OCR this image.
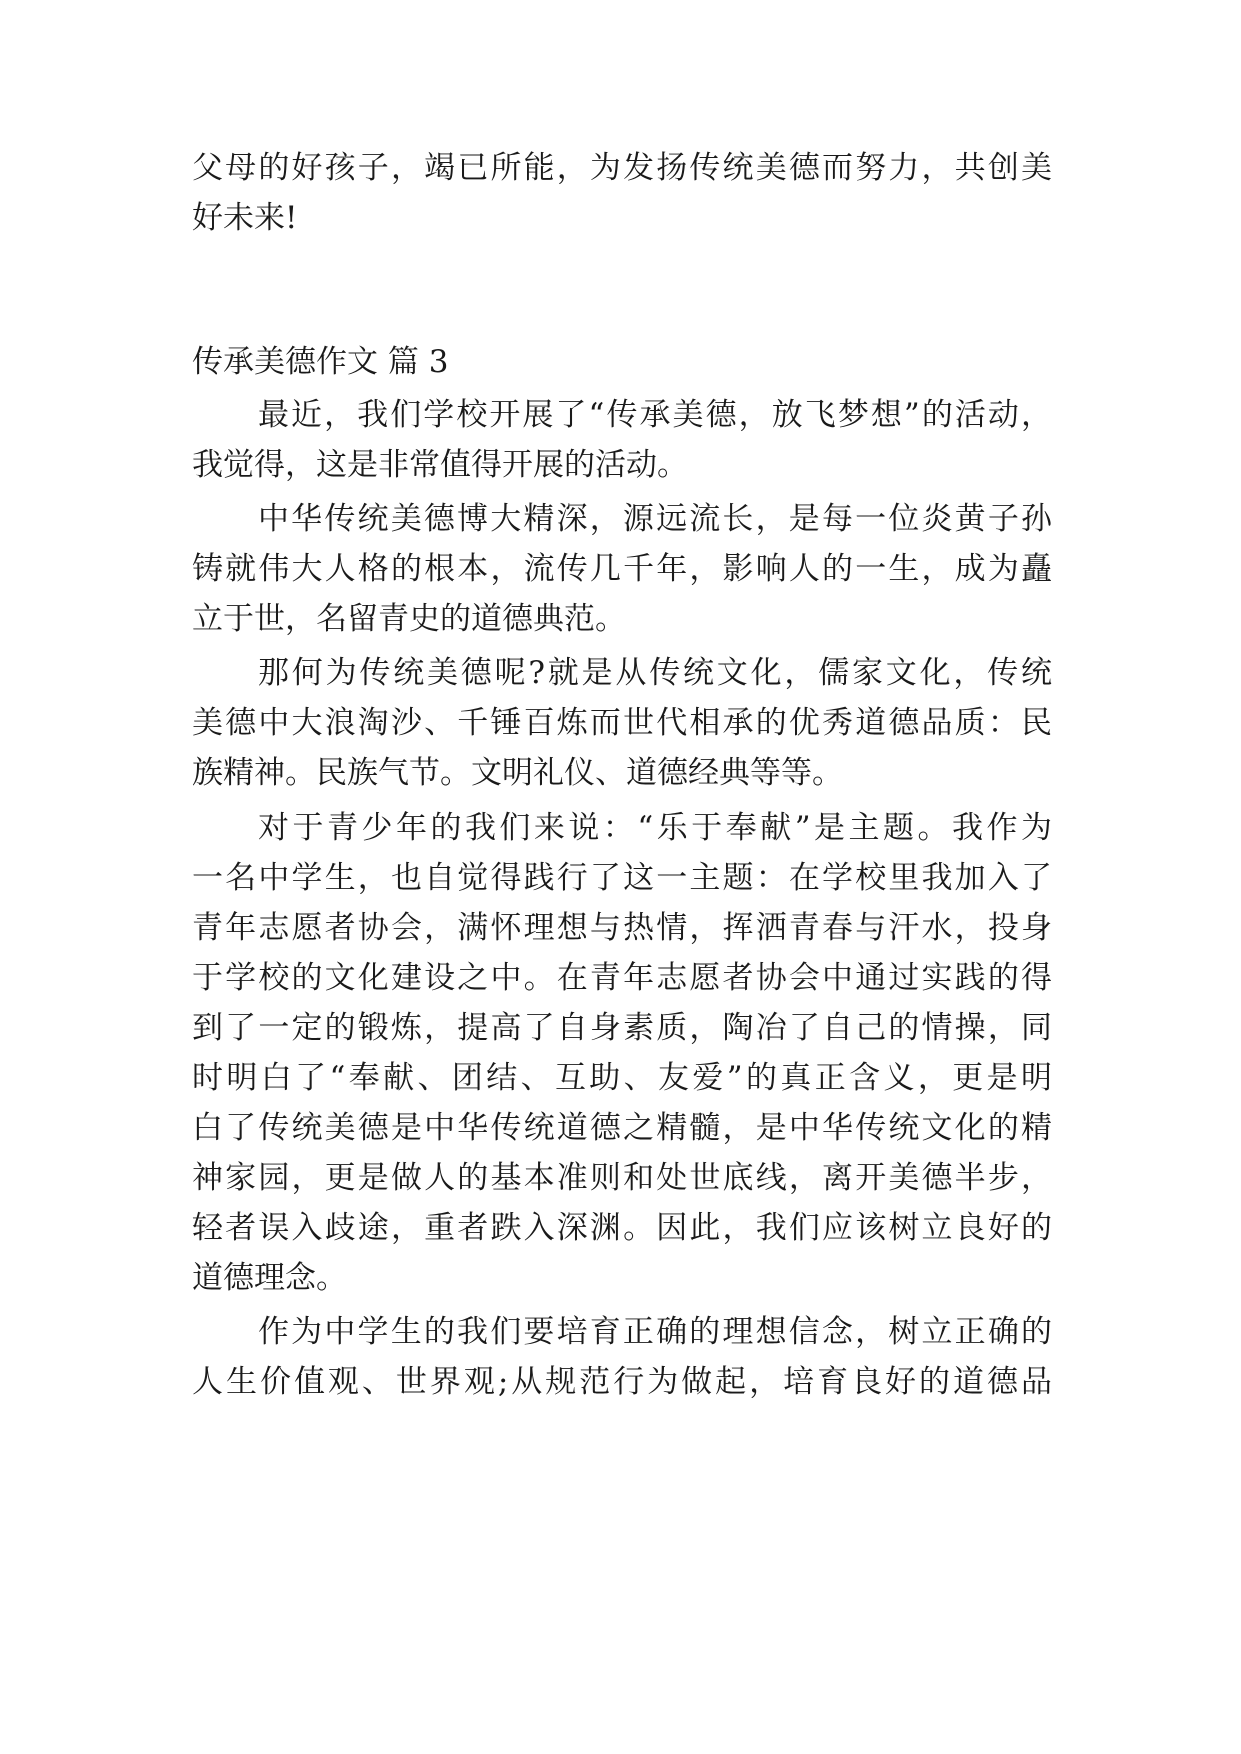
父母的好孩子，竭已所能，为发扬传统美德而努力，共创美
好未来!
传承美德作文 篇 3
最近，我们学校开展了“传承美德，放飞梦想”的活动，
我觉得，这是非常值得开展的活动。
中华传统美德博大精深，源远流长，是每一位炎黄子孙
铸就伟大人格的根本，流传几千年，影响人的一生，成为矗
立于世，名留青史的道德典范。
那何为传统美德呢?就是从传统文化，儒家文化，传统
美德中大浪淘沙、千锤百炼而世代相承的优秀道德品质：民
族精神。民族气节。文明礼仪、道德经典等等。
对于青少年的我们来说：“乐于奉献”是主题。我作为
一名中学生，也自觉得践行了这一主题：在学校里我加入了
青年志愿者协会，满怀理想与热情，挥洒青春与汗水，投身
于学校的文化建设之中。在青年志愿者协会中通过实践的得
到了一定的锻炼，提高了自身素质，陶冶了自己的情操，同
时明白了“奉献、团结、互助、友爱”的真正含义，更是明
白了传统美德是中华传统道德之精髓，是中华传统文化的精
神家园，更是做人的基本准则和处世底线，离开美德半步，
轻者误入歧途，重者跌入深渊。因此，我们应该树立良好的
道德理念。
作为中学生的我们要培育正确的理想信念，树立正确的
人生价值观、世界观;从规范行为做起，培育良好的道德品
